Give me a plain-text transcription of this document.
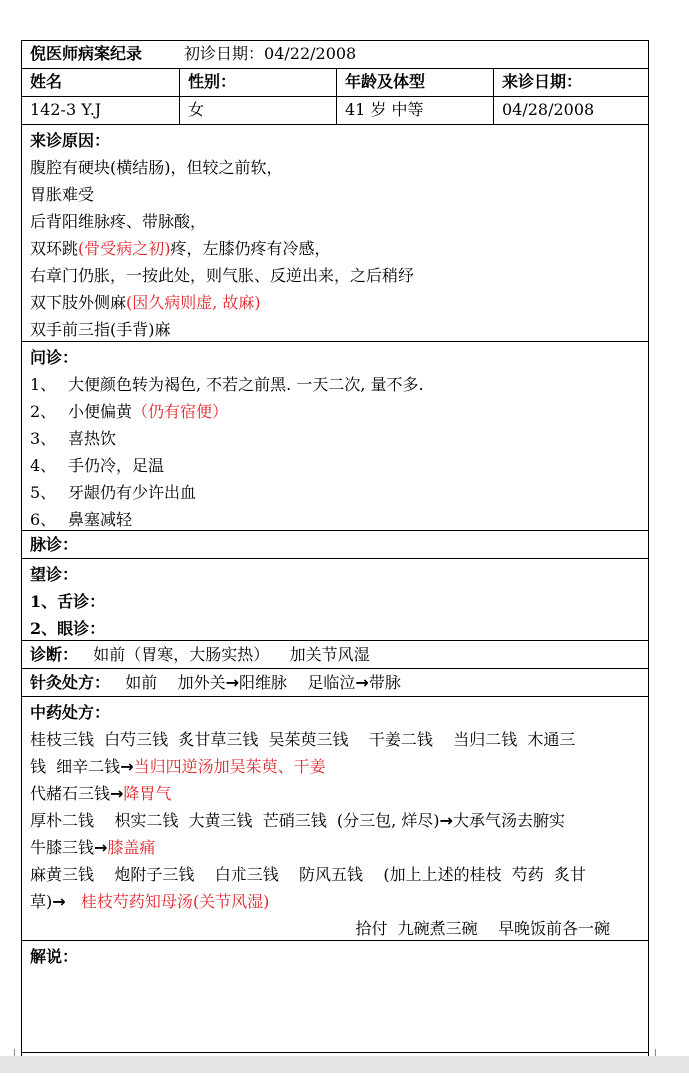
倪医师病案纪录	初诊日期：04/22/2008
姓名	性别：	年龄及体型	来诊日期：
142-3 Y.J	女	41 岁 中等	04/28/2008
来诊原因：
腹腔有硬块(横结肠)，但较之前软，
胃胀难受
后背阳维脉疼、带脉酸，
双环跳(骨受病之初)疼，左膝仍疼有冷感，
右章门仍胀，一按此处，则气胀、反逆出来，之后稍纾
双下肢外侧麻(因久病则虚, 故麻)
双手前三指(手背)麻
问诊：
1、 大便颜色转为褐色, 不若之前黑. 一天二次, 量不多.
2、 小便偏黄（仍有宿便）
3、 喜热饮
4、 手仍冷，足温
5、 牙龈仍有少许出血
6、 鼻塞减轻
脉诊：
望诊：
1、舌诊：
2、眼诊：
诊断： 如前（胃寒，大肠实热）    加关节风湿
针灸处方： 如前    加外关→阳维脉    足临泣→带脉
中药处方：
桂枝三钱  白芍三钱  炙甘草三钱  吴茱萸三钱    干姜二钱    当归二钱  木通三
钱  细辛二钱→当归四逆汤加吴茱萸、干姜
代赭石三钱→降胃气
厚朴二钱    枳实二钱  大黄三钱  芒硝三钱  (分三包, 烊尽)→大承气汤去腑实
牛膝三钱→膝盖痛
麻黄三钱    炮附子三钱    白朮三钱    防风五钱    (加上上述的桂枝  芍药  炙甘
草)→ 桂枝芍药知母汤(关节风湿)
拾付  九碗煮三碗    早晚饭前各一碗
解说：
